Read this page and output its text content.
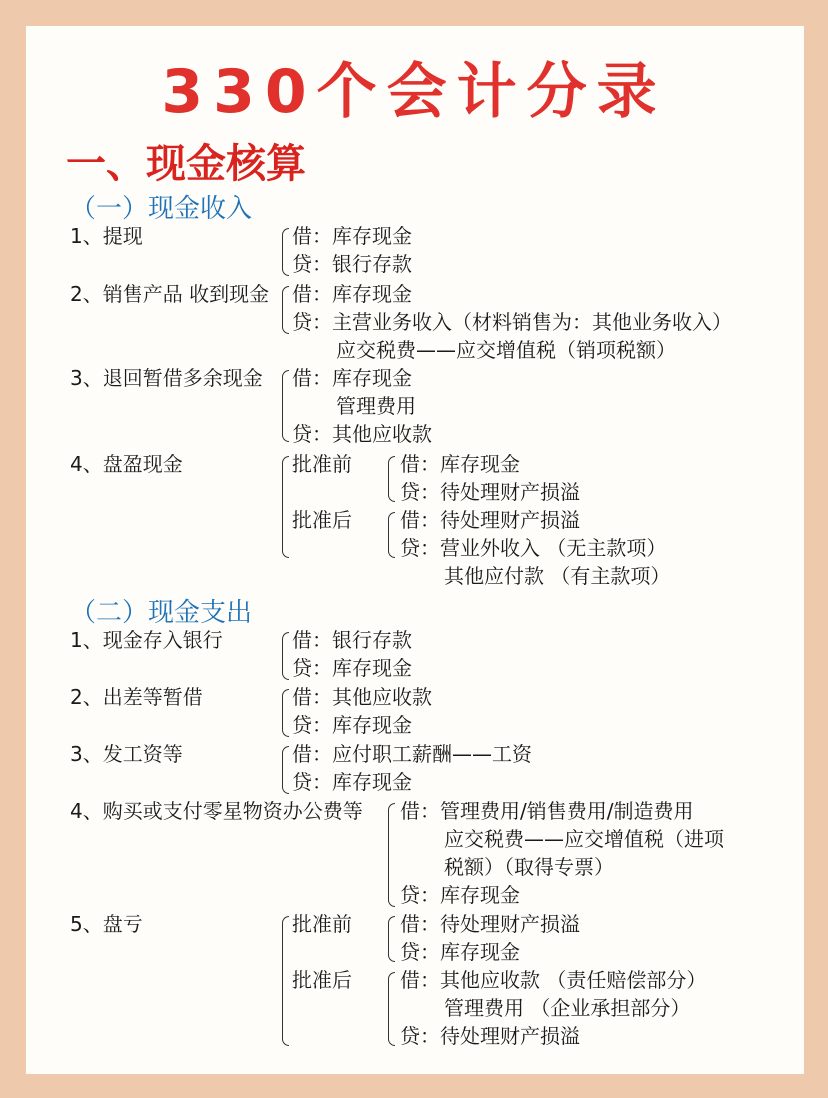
330个会计分录
一、现金核算
（一）现金收入
1、提现	借：库存现金
贷：银行存款
2、销售产品 收到现金 借：库存现金
贷：主营业务收入（材料销售为：其他业务收入）
应交税费——应交增值税（销项税额）
3、退回暂借多余现金 借：库存现金
管理费用
贷：其他应收款
4、盘盈现金	批准前 借：库存现金
贷：待处理财产损溢
批准后 借：待处理财产损溢
贷：营业外收入 （无主款项）
其他应付款 （有主款项）
（二）现金支出
1、现金存入银行	借：银行存款
贷：库存现金
2、出差等暂借	借：其他应收款
贷：库存现金
3、发工资等	借：应付职工薪酬——工资
贷：库存现金
4、购买或支付零星物资办公费等 借：管理费用/销售费用/制造费用
应交税费——应交增值税（进项
税额）（取得专票）
贷：库存现金
5、盘亏	批准前 借：待处理财产损溢
贷：库存现金
批准后 借：其他应收款 （责任赔偿部分）
管理费用 （企业承担部分）
贷：待处理财产损溢
